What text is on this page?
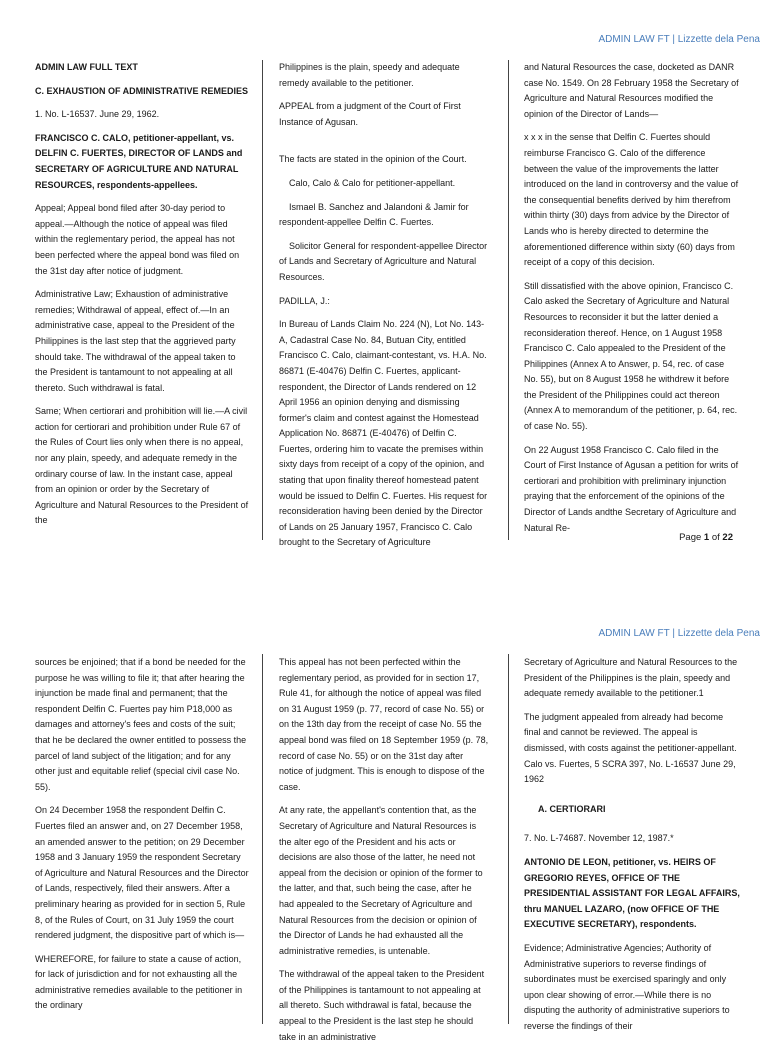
ADMIN LAW FT | Lizzette dela Pena

ADMIN LAW FULL TEXT

C. EXHAUSTION OF ADMINISTRATIVE REMEDIES

1. No. L-16537. June 29, 1962.

FRANCISCO C. CALO, petitioner-appellant, vs. DELFIN C. FUERTES, DIRECTOR OF LANDS and SECRETARY OF AGRICULTURE AND NATURAL RESOURCES, respondents-appellees.

Appeal; Appeal bond filed after 30-day period to appeal.—Although the notice of appeal was filed within the reglementary period, the appeal has not been perfected where the appeal bond was filed on the 31st day after notice of judgment.

Administrative Law; Exhaustion of administrative remedies; Withdrawal of appeal, effect of.—In an administrative case, appeal to the President of the Philippines is the last step that the aggrieved party should take. The withdrawal of the appeal taken to the President is tantamount to not appealing at all thereto. Such withdrawal is fatal.

Same; When certiorari and prohibition will lie.—A civil action for certiorari and prohibition under Rule 67 of the Rules of Court lies only when there is no appeal, nor any plain, speedy, and adequate remedy in the ordinary course of law. In the instant case, appeal from an opinion or order by the Secretary of Agriculture and Natural Resources to the President of the

Philippines is the plain, speedy and adequate remedy available to the petitioner.

APPEAL from a judgment of the Court of First Instance of Agusan.

The facts are stated in the opinion of the Court.

Calo, Calo & Calo for petitioner-appellant.

Ismael B. Sanchez and Jalandoni & Jamir for respondent-appellee Delfin C. Fuertes.

Solicitor General for respondent-appellee Director of Lands and Secretary of Agriculture and Natural Resources.

PADILLA, J.:

In Bureau of Lands Claim No. 224 (N), Lot No. 143-A, Cadastral Case No. 84, Butuan City, entitled Francisco C. Calo, claimant-contestant, vs. H.A. No. 86871 (E-40476) Delfin C. Fuertes, applicant-respondent, the Director of Lands rendered on 12 April 1956 an opinion denying and dismissing former's claim and contest against the Homestead Application No. 86871 (E-40476) of Delfin C. Fuertes, ordering him to vacate the premises within sixty days from receipt of a copy of the opinion, and stating that upon finality thereof homestead patent would be issued to Delfin C. Fuertes. His request for reconsideration having been denied by the Director of Lands on 25 January 1957, Francisco C. Calo brought to the Secretary of Agriculture

and Natural Resources the case, docketed as DANR case No. 1549. On 28 February 1958 the Secretary of Agriculture and Natural Resources modified the opinion of the Director of Lands—

x x x in the sense that Delfin C. Fuertes should reimburse Francisco G. Calo of the difference between the value of the improvements the latter introduced on the land in controversy and the value of the consequential benefits derived by him therefrom within thirty (30) days from advice by the Director of Lands who is hereby directed to determine the aforementioned difference within sixty (60) days from receipt of a copy of this decision.

Still dissatisfied with the above opinion, Francisco C. Calo asked the Secretary of Agriculture and Natural Resources to reconsider it but the latter denied a reconsideration thereof. Hence, on 1 August 1958 Francisco C. Calo appealed to the President of the Philippines (Annex A to Answer, p. 54, rec. of case No. 55), but on 8 August 1958 he withdrew it before the President of the Philippines could act thereon (Annex A to memorandum of the petitioner, p. 64, rec. of case No. 55).

On 22 August 1958 Francisco C. Calo filed in the Court of First Instance of Agusan a petition for writs of certiorari and prohibition with preliminary injunction praying that the enforcement of the opinions of the Director of Lands andthe Secretary of Agriculture and Natural Re-

Page 1 of 22
ADMIN LAW FT | Lizzette dela Pena

sources be enjoined; that if a bond be needed for the purpose he was willing to file it; that after hearing the injunction be made final and permanent; that the respondent Delfin C. Fuertes pay him P18,000 as damages and attorney's fees and costs of the suit; that he be declared the owner entitled to possess the parcel of land subject of the litigation; and for any other just and equitable relief (special civil case No. 55).

On 24 December 1958 the respondent Delfin C. Fuertes filed an answer and, on 27 December 1958, an amended answer to the petition; on 29 December 1958 and 3 January 1959 the respondent Secretary of Agriculture and Natural Resources and the Director of Lands, respectively, filed their answers. After a preliminary hearing as provided for in section 5, Rule 8, of the Rules of Court, on 31 July 1959 the court rendered judgment, the dispositive part of which is—

WHEREFORE, for failure to state a cause of action, for lack of jurisdiction and for not exhausting all the administrative remedies available to the petitioner in the ordinary

This appeal has not been perfected within the reglementary period, as provided for in section 17, Rule 41, for although the notice of appeal was filed on 31 August 1959 (p. 77, record of case No. 55) or on the 13th day from the receipt of case No. 55 the appeal bond was filed on 18 September 1959 (p. 78, record of case No. 55) or on the 31st day after notice of judgment. This is enough to dispose of the case.

At any rate, the appellant's contention that, as the Secretary of Agriculture and Natural Resources is the alter ego of the President and his acts or decisions are also those of the latter, he need not appeal from the decision or opinion of the former to the latter, and that, such being the case, after he had appealed to the Secretary of Agriculture and Natural Resources from the decision or opinion of the Director of Lands he had exhausted all the administrative remedies, is untenable.

The withdrawal of the appeal taken to the President of the Philippines is tantamount to not appealing at all thereto. Such withdrawal is fatal, because the appeal to the President is the last step he should take in an administrative

Secretary of Agriculture and Natural Resources to the President of the Philippines is the plain, speedy and adequate remedy available to the petitioner.1

The judgment appealed from already had become final and cannot be reviewed. The appeal is dismissed, with costs against the petitioner-appellant. Calo vs. Fuertes, 5 SCRA 397, No. L-16537 June 29, 1962

A. CERTIORARI

7. No. L-74687. November 12, 1987.*

ANTONIO DE LEON, petitioner, vs. HEIRS OF GREGORIO REYES, OFFICE OF THE PRESIDENTIAL ASSISTANT FOR LEGAL AFFAIRS, thru MANUEL LAZARO, (now OFFICE OF THE EXECUTIVE SECRETARY), respondents.

Evidence; Administrative Agencies; Authority of Administrative superiors to reverse findings of subordinates must be exercised sparingly and only upon clear showing of error.—While there is no disputing the authority of administrative superiors to reverse the findings of their
